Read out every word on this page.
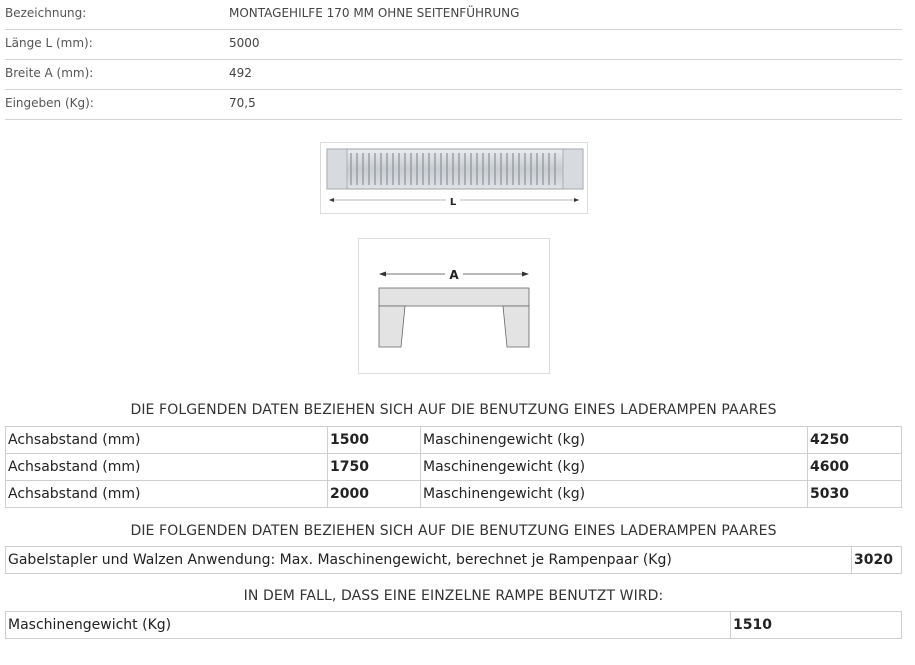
Bezeichnung:	MONTAGEHILFE 170 MM OHNE SEITENFÜHRUNG
Länge L (mm):	5000
Breite A (mm):	492
Eingeben (Kg):	70,5
L
A
DIE FOLGENDEN DATEN BEZIEHEN SICH AUF DIE BENUTZUNG EINES LADERAMPEN PAARES
Achsabstand (mm)	1500	Maschinengewicht (kg)	4250
Achsabstand (mm)	1750	Maschinengewicht (kg)	4600
Achsabstand (mm)	2000	Maschinengewicht (kg)	5030
DIE FOLGENDEN DATEN BEZIEHEN SICH AUF DIE BENUTZUNG EINES LADERAMPEN PAARES
Gabelstapler und Walzen Anwendung: Max. Maschinengewicht, berechnet je Rampenpaar (Kg)	3020
IN DEM FALL, DASS EINE EINZELNE RAMPE BENUTZT WIRD:
Maschinengewicht (Kg)	1510
